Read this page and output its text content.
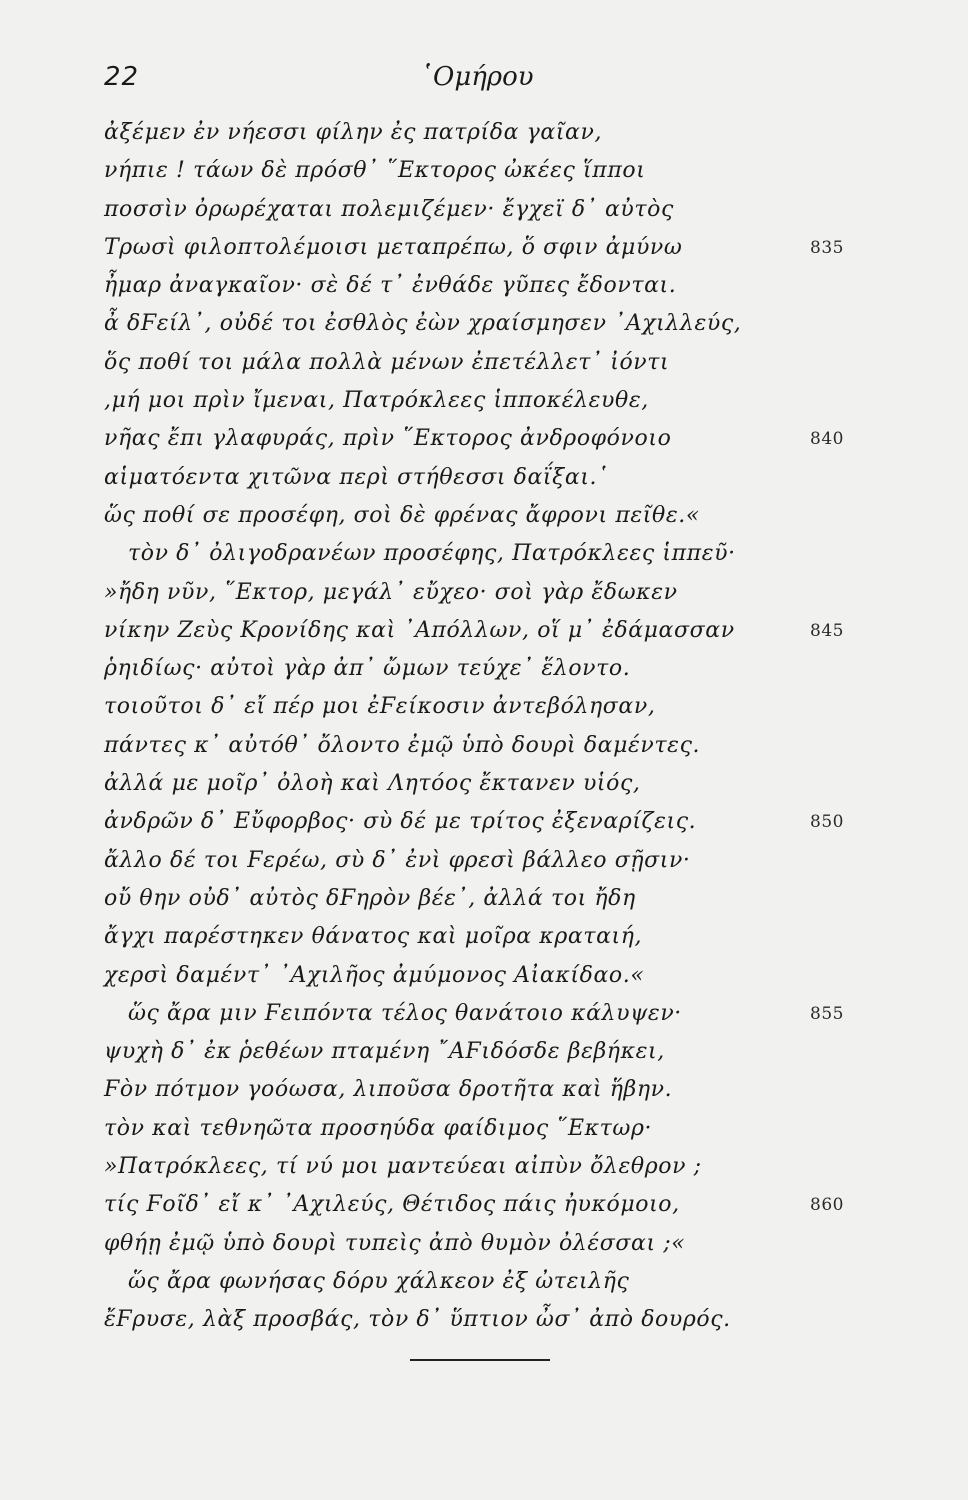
22	῾Ομήρου
ἀξέμεν ἐν νήεσσι φίλην ἐς πατρίδα γαῖαν,
νήπιε ! τάων δὲ πρόσθ᾽ ῞Εκτορος ὠκέες ἵπποι
ποσσὶν ὀρωρέχαται πολεμιζέμεν· ἔγχεϊ δ᾽ αὐτὸς
Τρωσὶ φιλοπτολέμοισι μεταπρέπω, ὅ σφιν ἀμύνω	835
ἦμαρ ἀναγκαῖον· σὲ δέ τ᾽ ἐνθάδε γῦπες ἔδονται.
ἆ δϜείλ᾽, οὐδέ τοι ἐσθλὸς ἐὼν χραίσμησεν ᾽Αχιλλεύς,
ὅς ποθί τοι μάλα πολλὰ μένων ἐπετέλλετ᾽ ἰόντι
,μή μοι πρὶν ἴμεναι, Πατρόκλεες ἱπποκέλευθε,
νῆας ἔπι γλαφυράς, πρὶν ῞Εκτορος ἀνδροφόνοιο	840
αἱματόεντα χιτῶνα περὶ στήθεσσι δαΐξαι.῾
ὥς ποθί σε προσέφη, σοὶ δὲ φρένας ἄφρονι πεῖθε.«
τὸν δ᾽ ὀλιγοδρανέων προσέφης, Πατρόκλεες ἱππεῦ·
»ἤδη νῦν, ῞Εκτορ, μεγάλ᾽ εὔχεο· σοὶ γὰρ ἔδωκεν
νίκην Ζεὺς Κρονίδης καὶ ᾽Απόλλων, οἵ μ᾽ ἐδάμασσαν	845
ῥηιδίως· αὐτοὶ γὰρ ἀπ᾽ ὤμων τεύχε᾽ ἕλοντο.
τοιοῦτοι δ᾽ εἴ πέρ μοι ἐϜείκοσιν ἀντεβόλησαν,
πάντες κ᾽ αὐτόθ᾽ ὄλοντο ἐμῷ ὑπὸ δουρὶ δαμέντες.
ἀλλά με μοῖρ᾽ ὀλοὴ καὶ Λητόος ἔκτανεν υἱός,
ἀνδρῶν δ᾽ Εὔφορβος· σὺ δέ με τρίτος ἐξεναρίζεις.	850
ἄλλο δέ τοι Ϝερέω, σὺ δ᾽ ἐνὶ φρεσὶ βάλλεο σῇσιν·
οὔ θην οὐδ᾽ αὐτὸς δϜηρὸν βέε᾽, ἀλλά τοι ἤδη
ἄγχι παρέστηκεν θάνατος καὶ μοῖρα κραταιή,
χερσὶ δαμέντ᾽ ᾽Αχιλῆος ἀμύμονος Αἰακίδαο.«
ὥς ἄρα μιν Ϝειπόντα τέλος θανάτοιο κάλυψεν·	855
ψυχὴ δ᾽ ἐκ ῥεθέων πταμένη ῎ΑϜιδόσδε βεβήκει,
Ϝὸν πότμον γοόωσα, λιποῦσα δροτῆτα καὶ ἥβην.
τὸν καὶ τεθνηῶτα προσηύδα φαίδιμος ῞Εκτωρ·
»Πατρόκλεες, τί νύ μοι μαντεύεαι αἰπὺν ὄλεθρον ;
τίς Ϝοῖδ᾽ εἴ κ᾽ ᾽Αχιλεύς, Θέτιδος πάις ἠυκόμοιο,	860
φθήῃ ἐμῷ ὑπὸ δουρὶ τυπεὶς ἀπὸ θυμὸν ὀλέσσαι ;«
ὥς ἄρα φωνήσας δόρυ χάλκεον ἐξ ὠτειλῆς
ἔϜρυσε, λὰξ προσβάς, τὸν δ᾽ ὕπτιον ὦσ᾽ ἀπὸ δουρός.
